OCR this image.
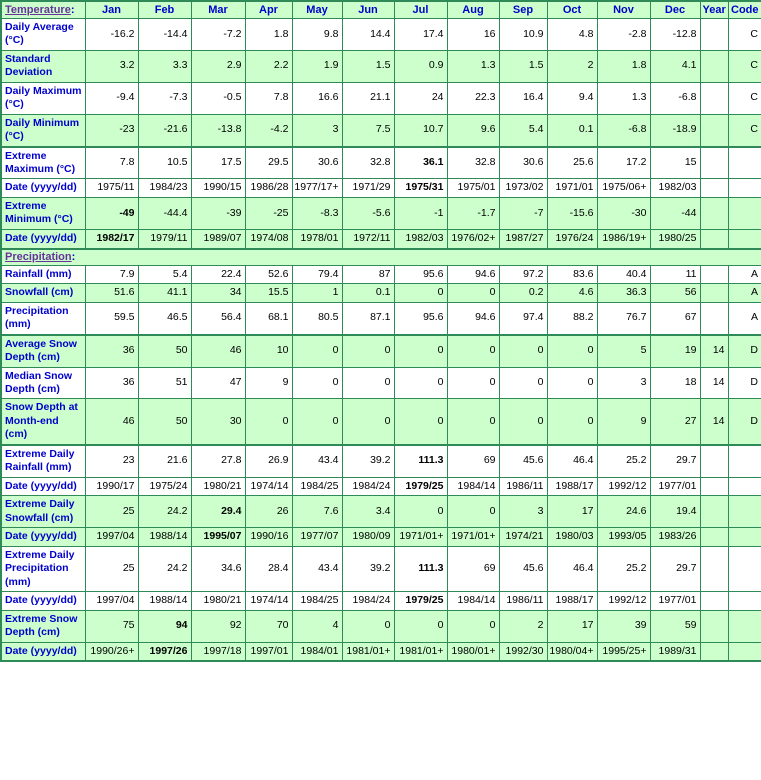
Temperature:	Jan	Feb	Mar	Apr	May	Jun	Jul	Aug	Sep	Oct	Nov	Dec	Year	Code
Daily Average (°C)	-16.2	-14.4	-7.2	1.8	9.8	14.4	17.4	16	10.9	4.8	-2.8	-12.8		C
Standard Deviation	3.2	3.3	2.9	2.2	1.9	1.5	0.9	1.3	1.5	2	1.8	4.1		C
Daily Maximum (°C)	-9.4	-7.3	-0.5	7.8	16.6	21.1	24	22.3	16.4	9.4	1.3	-6.8		C
Daily Minimum (°C)	-23	-21.6	-13.8	-4.2	3	7.5	10.7	9.6	5.4	0.1	-6.8	-18.9		C
Extreme Maximum (°C)	7.8	10.5	17.5	29.5	30.6	32.8	36.1	32.8	30.6	25.6	17.2	15		
Date (yyyy/dd)	1975/11	1984/23	1990/15	1986/28	1977/17+	1971/29	1975/31	1975/01	1973/02	1971/01	1975/06+	1982/03		
Extreme Minimum (°C)	-49	-44.4	-39	-25	-8.3	-5.6	-1	-1.7	-7	-15.6	-30	-44		
Date (yyyy/dd)	1982/17	1979/11	1989/07	1974/08	1978/01	1972/11	1982/03	1976/02+	1987/27	1976/24	1986/19+	1980/25		
Precipitation:														
Rainfall (mm)	7.9	5.4	22.4	52.6	79.4	87	95.6	94.6	97.2	83.6	40.4	11		A
Snowfall (cm)	51.6	41.1	34	15.5	1	0.1	0	0	0.2	4.6	36.3	56		A
Precipitation (mm)	59.5	46.5	56.4	68.1	80.5	87.1	95.6	94.6	97.4	88.2	76.7	67		A
Average Snow Depth (cm)	36	50	46	10	0	0	0	0	0	0	5	19	14	D
Median Snow Depth (cm)	36	51	47	9	0	0	0	0	0	0	3	18	14	D
Snow Depth at Month-end (cm)	46	50	30	0	0	0	0	0	0	0	9	27	14	D
Extreme Daily Rainfall (mm)	23	21.6	27.8	26.9	43.4	39.2	111.3	69	45.6	46.4	25.2	29.7		
Date (yyyy/dd)	1990/17	1975/24	1980/21	1974/14	1984/25	1984/24	1979/25	1984/14	1986/11	1988/17	1992/12	1977/01		
Extreme Daily Snowfall (cm)	25	24.2	29.4	26	7.6	3.4	0	0	3	17	24.6	19.4		
Date (yyyy/dd)	1997/04	1988/14	1995/07	1990/16	1977/07	1980/09	1971/01+	1971/01+	1974/21	1980/03	1993/05	1983/26		
Extreme Daily Precipitation (mm)	25	24.2	34.6	28.4	43.4	39.2	111.3	69	45.6	46.4	25.2	29.7		
Date (yyyy/dd)	1997/04	1988/14	1980/21	1974/14	1984/25	1984/24	1979/25	1984/14	1986/11	1988/17	1992/12	1977/01		
Extreme Snow Depth (cm)	75	94	92	70	4	0	0	0	2	17	39	59		
Date (yyyy/dd)	1990/26+	1997/26	1997/18	1997/01	1984/01	1981/01+	1981/01+	1980/01+	1992/30	1980/04+	1995/25+	1989/31		
